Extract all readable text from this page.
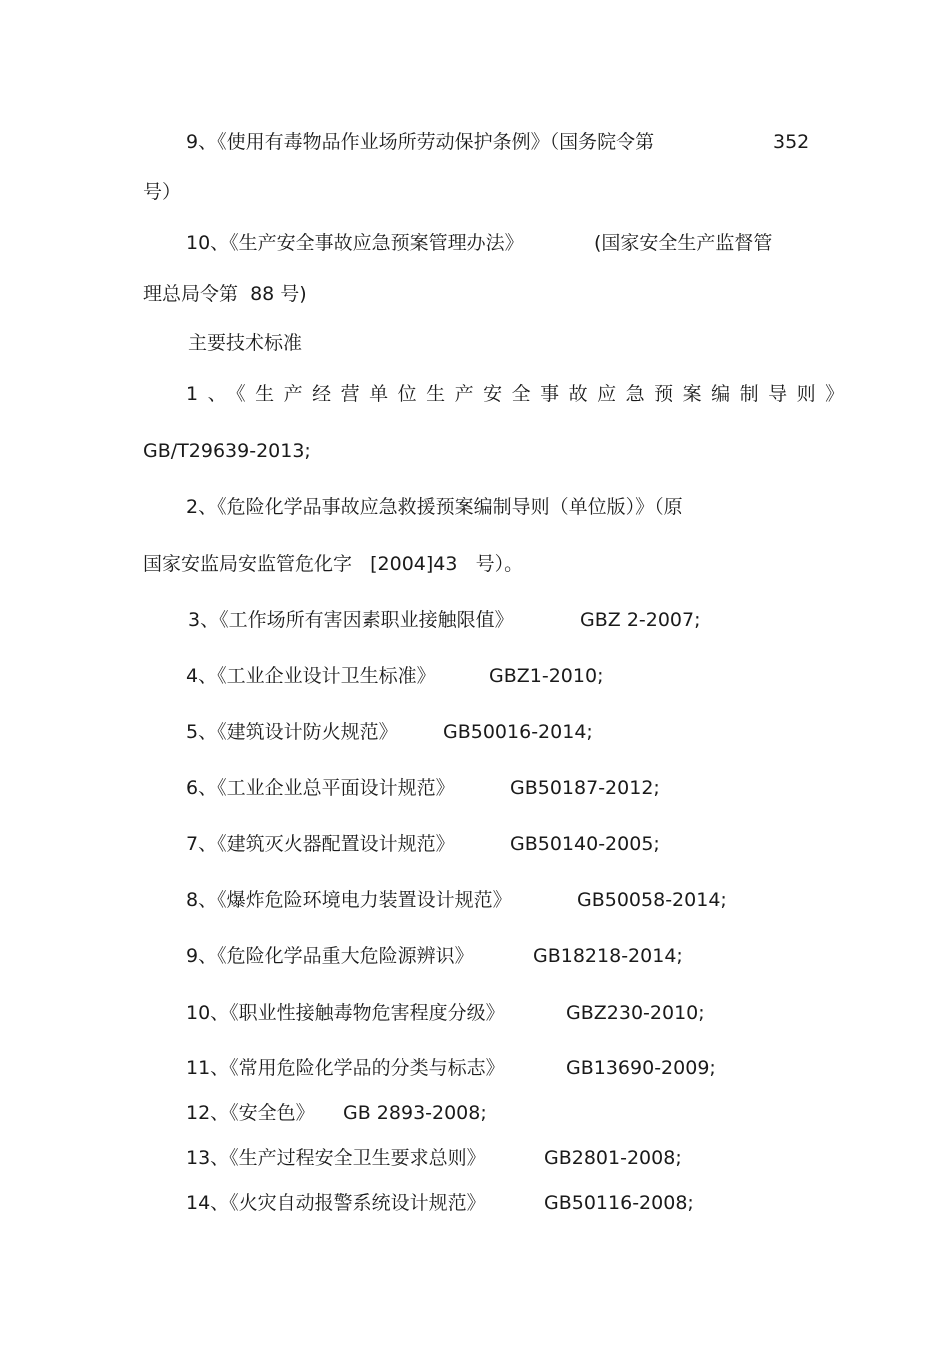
9、《使用有毒物品作业场所劳动保护条例》（国务院令第	352
号）
10、《生产安全事故应急预案管理办法》	(国家安全生产监督管
理总局令第  88 号)
主要技术标准
1、《生产经营单位生产安全事故应急预案编制导则》
GB/T29639-2013;
2、《危险化学品事故应急救援预案编制导则（单位版）》（原
国家安监局安监管危化字   [2004]43   号）。
3、《工作场所有害因素职业接触限值》	GBZ 2-2007;
4、《工业企业设计卫生标准》	GBZ1-2010;
5、《建筑设计防火规范》 GB50016-2014;
6、《工业企业总平面设计规范》	GB50187-2012;
7、《建筑灭火器配置设计规范》	GB50140-2005;
8、《爆炸危险环境电力装置设计规范》	GB50058-2014;
9、《危险化学品重大危险源辨识》	GB18218-2014;
10、《职业性接触毒物危害程度分级》	GBZ230-2010;
11、《常用危险化学品的分类与标志》	GB13690-2009;
12、《安全色》 GB 2893-2008;
13、《生产过程安全卫生要求总则》	GB2801-2008;
14、《火灾自动报警系统设计规范》	GB50116-2008;
